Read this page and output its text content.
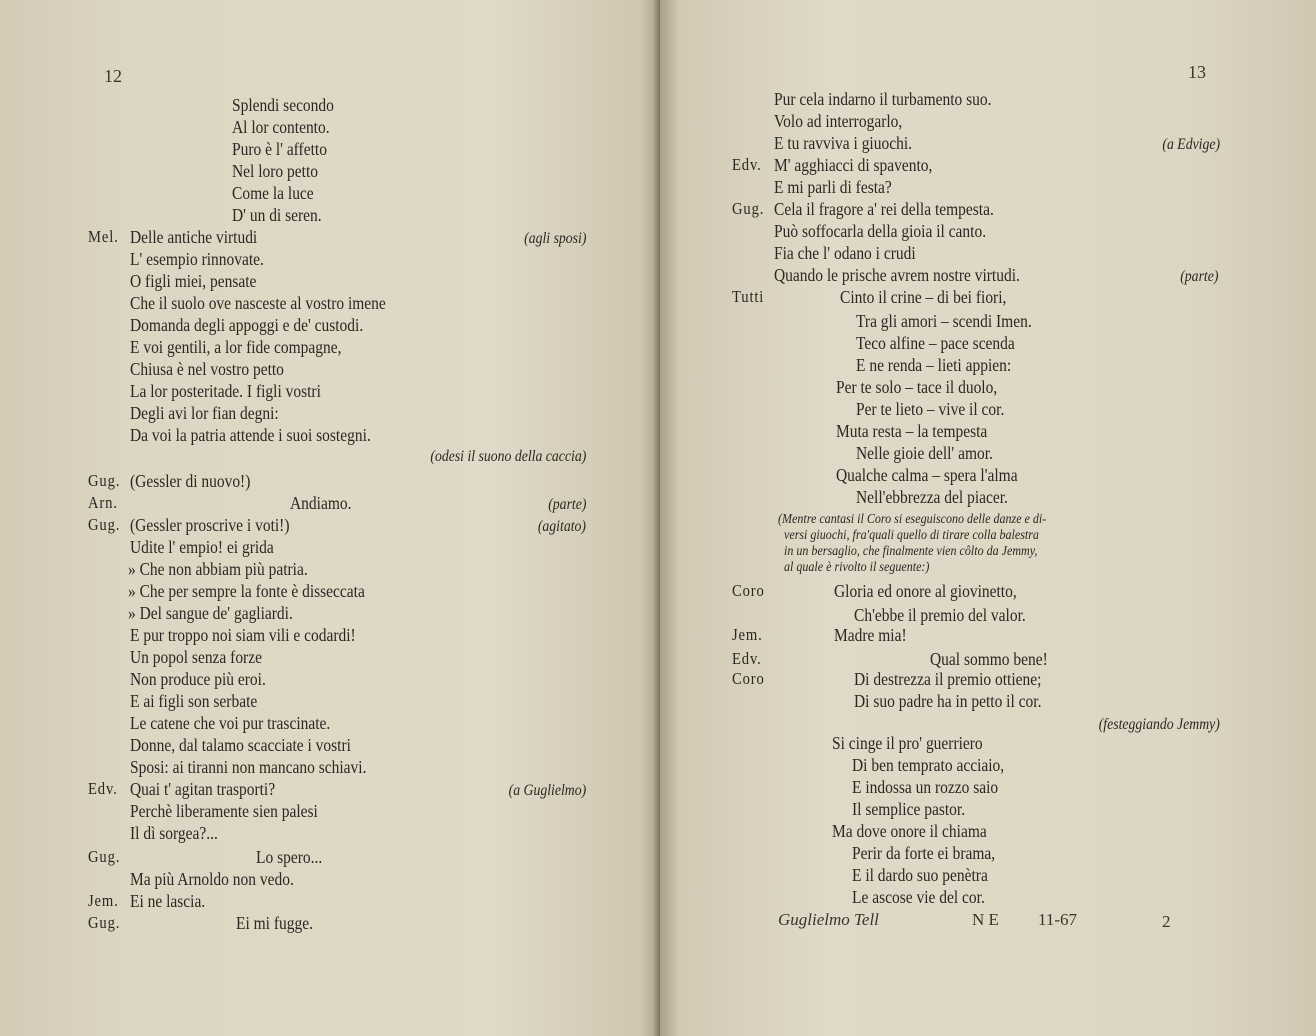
12
Splendi secondo
Al lor contento.
Puro è l' affetto
Nel loro petto
Come la luce
D' un di seren.
Mel. Delle antiche virtudi	(agli sposi)
L' esempio rinnovate.
O figli miei, pensate
Che il suolo ove nasceste al vostro imene
Domanda degli appoggi e de' custodi.
E voi gentili, a lor fide compagne,
Chiusa è nel vostro petto
La lor posteritade. I figli vostri
Degli avi lor fian degni:
Da voi la patria attende i suoi sostegni.
(odesi il suono della caccia)
Gug. (Gessler di nuovo!)
Arn.	Andiamo.	(parte)
Gug. (Gessler proscrive i voti!)	(agitato)
Udite l' empio! ei grida
» Che non abbiam più patria.
» Che per sempre la fonte è disseccata
» Del sangue de' gagliardi.
E pur troppo noi siam vili e codardi!
Un popol senza forze
Non produce più eroi.
E ai figli son serbate
Le catene che voi pur trascinate.
Donne, dal talamo scacciate i vostri
Sposi: ai tiranni non mancano schiavi.
Edv. Quai t' agitan trasporti?	(a Guglielmo)
Perchè liberamente sien palesi
Il dì sorgea?...
Gug.	Lo spero...
Ma più Arnoldo non vedo.
Jem. Ei ne lascia.
Gug.	Ei mi fugge.
13
Pur cela indarno il turbamento suo.
Volo ad interrogarlo,
E tu ravviva i giuochi.	(a Edvige)
Edv. M' agghiacci di spavento,
E mi parli di festa?
Gug. Cela il fragore a' rei della tempesta.
Può soffocarla della gioia il canto.
Fia che l' odano i crudi
Quando le prische avrem nostre virtudi.	(parte)
Tutti	Cinto il crine – di bei fiori,
Tra gli amori – scendi Imen.
Teco alfine – pace scenda
E ne renda – lieti appien:
Per te solo – tace il duolo,
Per te lieto – vive il cor.
Muta resta – la tempesta
Nelle gioie dell' amor.
Qualche calma – spera l'alma
Nell'ebbrezza del piacer.
(Mentre cantasi il Coro si eseguiscono delle danze e di-
versi giuochi, fra'quali quello di tirare colla balestra
in un bersaglio, che finalmente vien côlto da Jemmy,
al quale è rivolto il seguente:)
Coro	Gloria ed onore al giovinetto,
Ch'ebbe il premio del valor.
Jem.	Madre mia!
Edv.	Qual sommo bene!
Coro	Di destrezza il premio ottiene;
Di suo padre ha in petto il cor.
(festeggiando Jemmy)
Si cinge il pro' guerriero
Di ben temprato acciaio,
E indossa un rozzo saio
Il semplice pastor.
Ma dove onore il chiama
Perir da forte ei brama,
E il dardo suo penètra
Le ascose vie del cor.
Guglielmo Tell	N E 11-67	2
